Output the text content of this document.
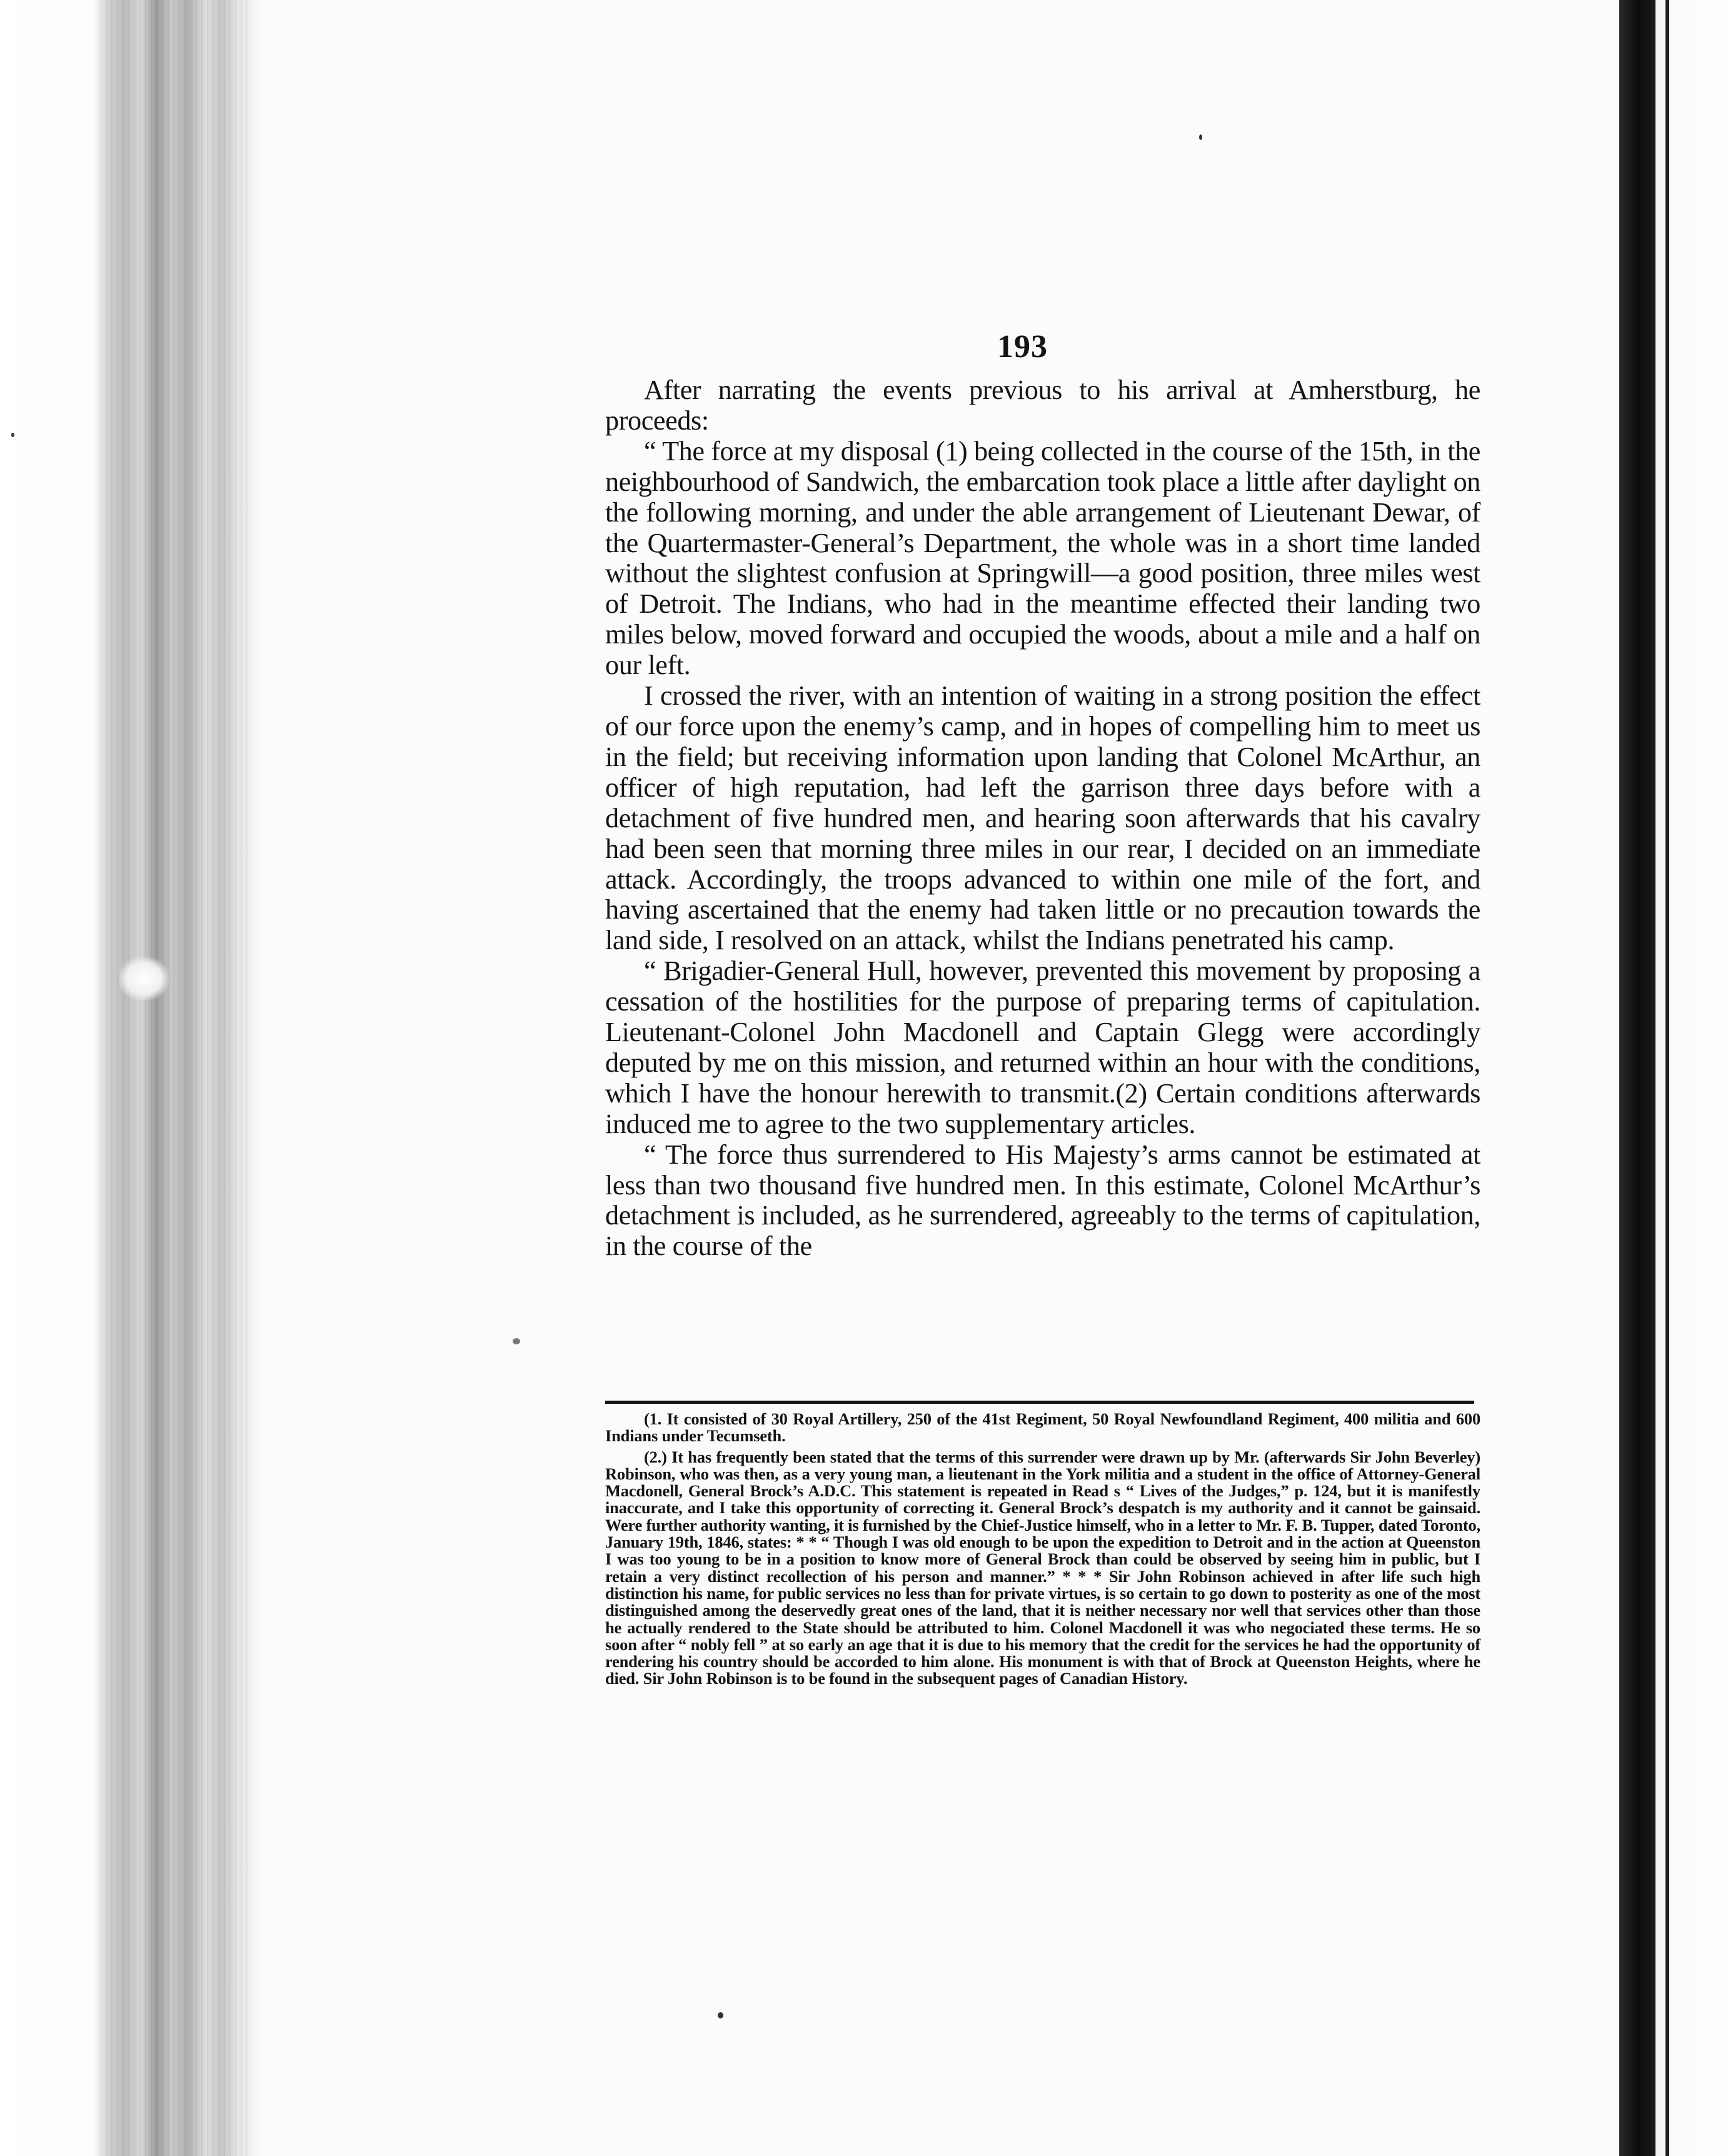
193

After narrating the events previous to his arrival at Amherstburg, he proceeds:

“ The force at my disposal (1) being collected in the course of the 15th, in the neighbourhood of Sandwich, the embarcation took place a little after daylight on the following morning, and under the able arrangement of Lieutenant Dewar, of the Quartermaster-General’s Department, the whole was in a short time landed without the slightest confusion at Springwill—a good position, three miles west of Detroit. The Indians, who had in the meantime effected their landing two miles below, moved forward and occupied the woods, about a mile and a half on our left.

I crossed the river, with an intention of waiting in a strong position the effect of our force upon the enemy’s camp, and in hopes of compelling him to meet us in the field; but receiving information upon landing that Colonel McArthur, an officer of high reputation, had left the garrison three days before with a detachment of five hundred men, and hearing soon afterwards that his cavalry had been seen that morning three miles in our rear, I decided on an immediate attack. Accordingly, the troops advanced to within one mile of the fort, and having ascertained that the enemy had taken little or no precaution towards the land side, I resolved on an attack, whilst the Indians penetrated his camp.

“ Brigadier-General Hull, however, prevented this movement by proposing a cessation of the hostilities for the purpose of preparing terms of capitulation. Lieutenant-Colonel John Macdonell and Captain Glegg were accordingly deputed by me on this mission, and returned within an hour with the conditions, which I have the honour herewith to transmit.(2) Certain conditions afterwards induced me to agree to the two supplementary articles.

“ The force thus surrendered to His Majesty’s arms cannot be estimated at less than two thousand five hundred men. In this estimate, Colonel McArthur’s detachment is included, as he surrendered, agreeably to the terms of capitulation, in the course of the

(1. It consisted of 30 Royal Artillery, 250 of the 41st Regiment, 50 Royal Newfoundland Regiment, 400 militia and 600 Indians under Tecumseth.

(2.) It has frequently been stated that the terms of this surrender were drawn up by Mr. (afterwards Sir John Beverley) Robinson, who was then, as a very young man, a lieutenant in the York militia and a student in the office of Attorney-General Macdonell, General Brock’s A.D.C. This statement is repeated in Read s “ Lives of the Judges,” p. 124, but it is manifestly inaccurate, and I take this opportunity of correcting it. General Brock’s despatch is my authority and it cannot be gainsaid. Were further authority wanting, it is furnished by the Chief-Justice himself, who in a letter to Mr. F. B. Tupper, dated Toronto, January 19th, 1846, states: * * “ Though I was old enough to be upon the expedition to Detroit and in the action at Queenston I was too young to be in a position to know more of General Brock than could be observed by seeing him in public, but I retain a very distinct recollection of his person and manner.” * * * Sir John Robinson achieved in after life such high distinction his name, for public services no less than for private virtues, is so certain to go down to posterity as one of the most distinguished among the deservedly great ones of the land, that it is neither necessary nor well that services other than those he actually rendered to the State should be attributed to him. Colonel Macdonell it was who negociated these terms. He so soon after “ nobly fell ” at so early an age that it is due to his memory that the credit for the services he had the opportunity of rendering his country should be accorded to him alone. His monument is with that of Brock at Queenston Heights, where he died. Sir John Robinson is to be found in the subsequent pages of Canadian History.
